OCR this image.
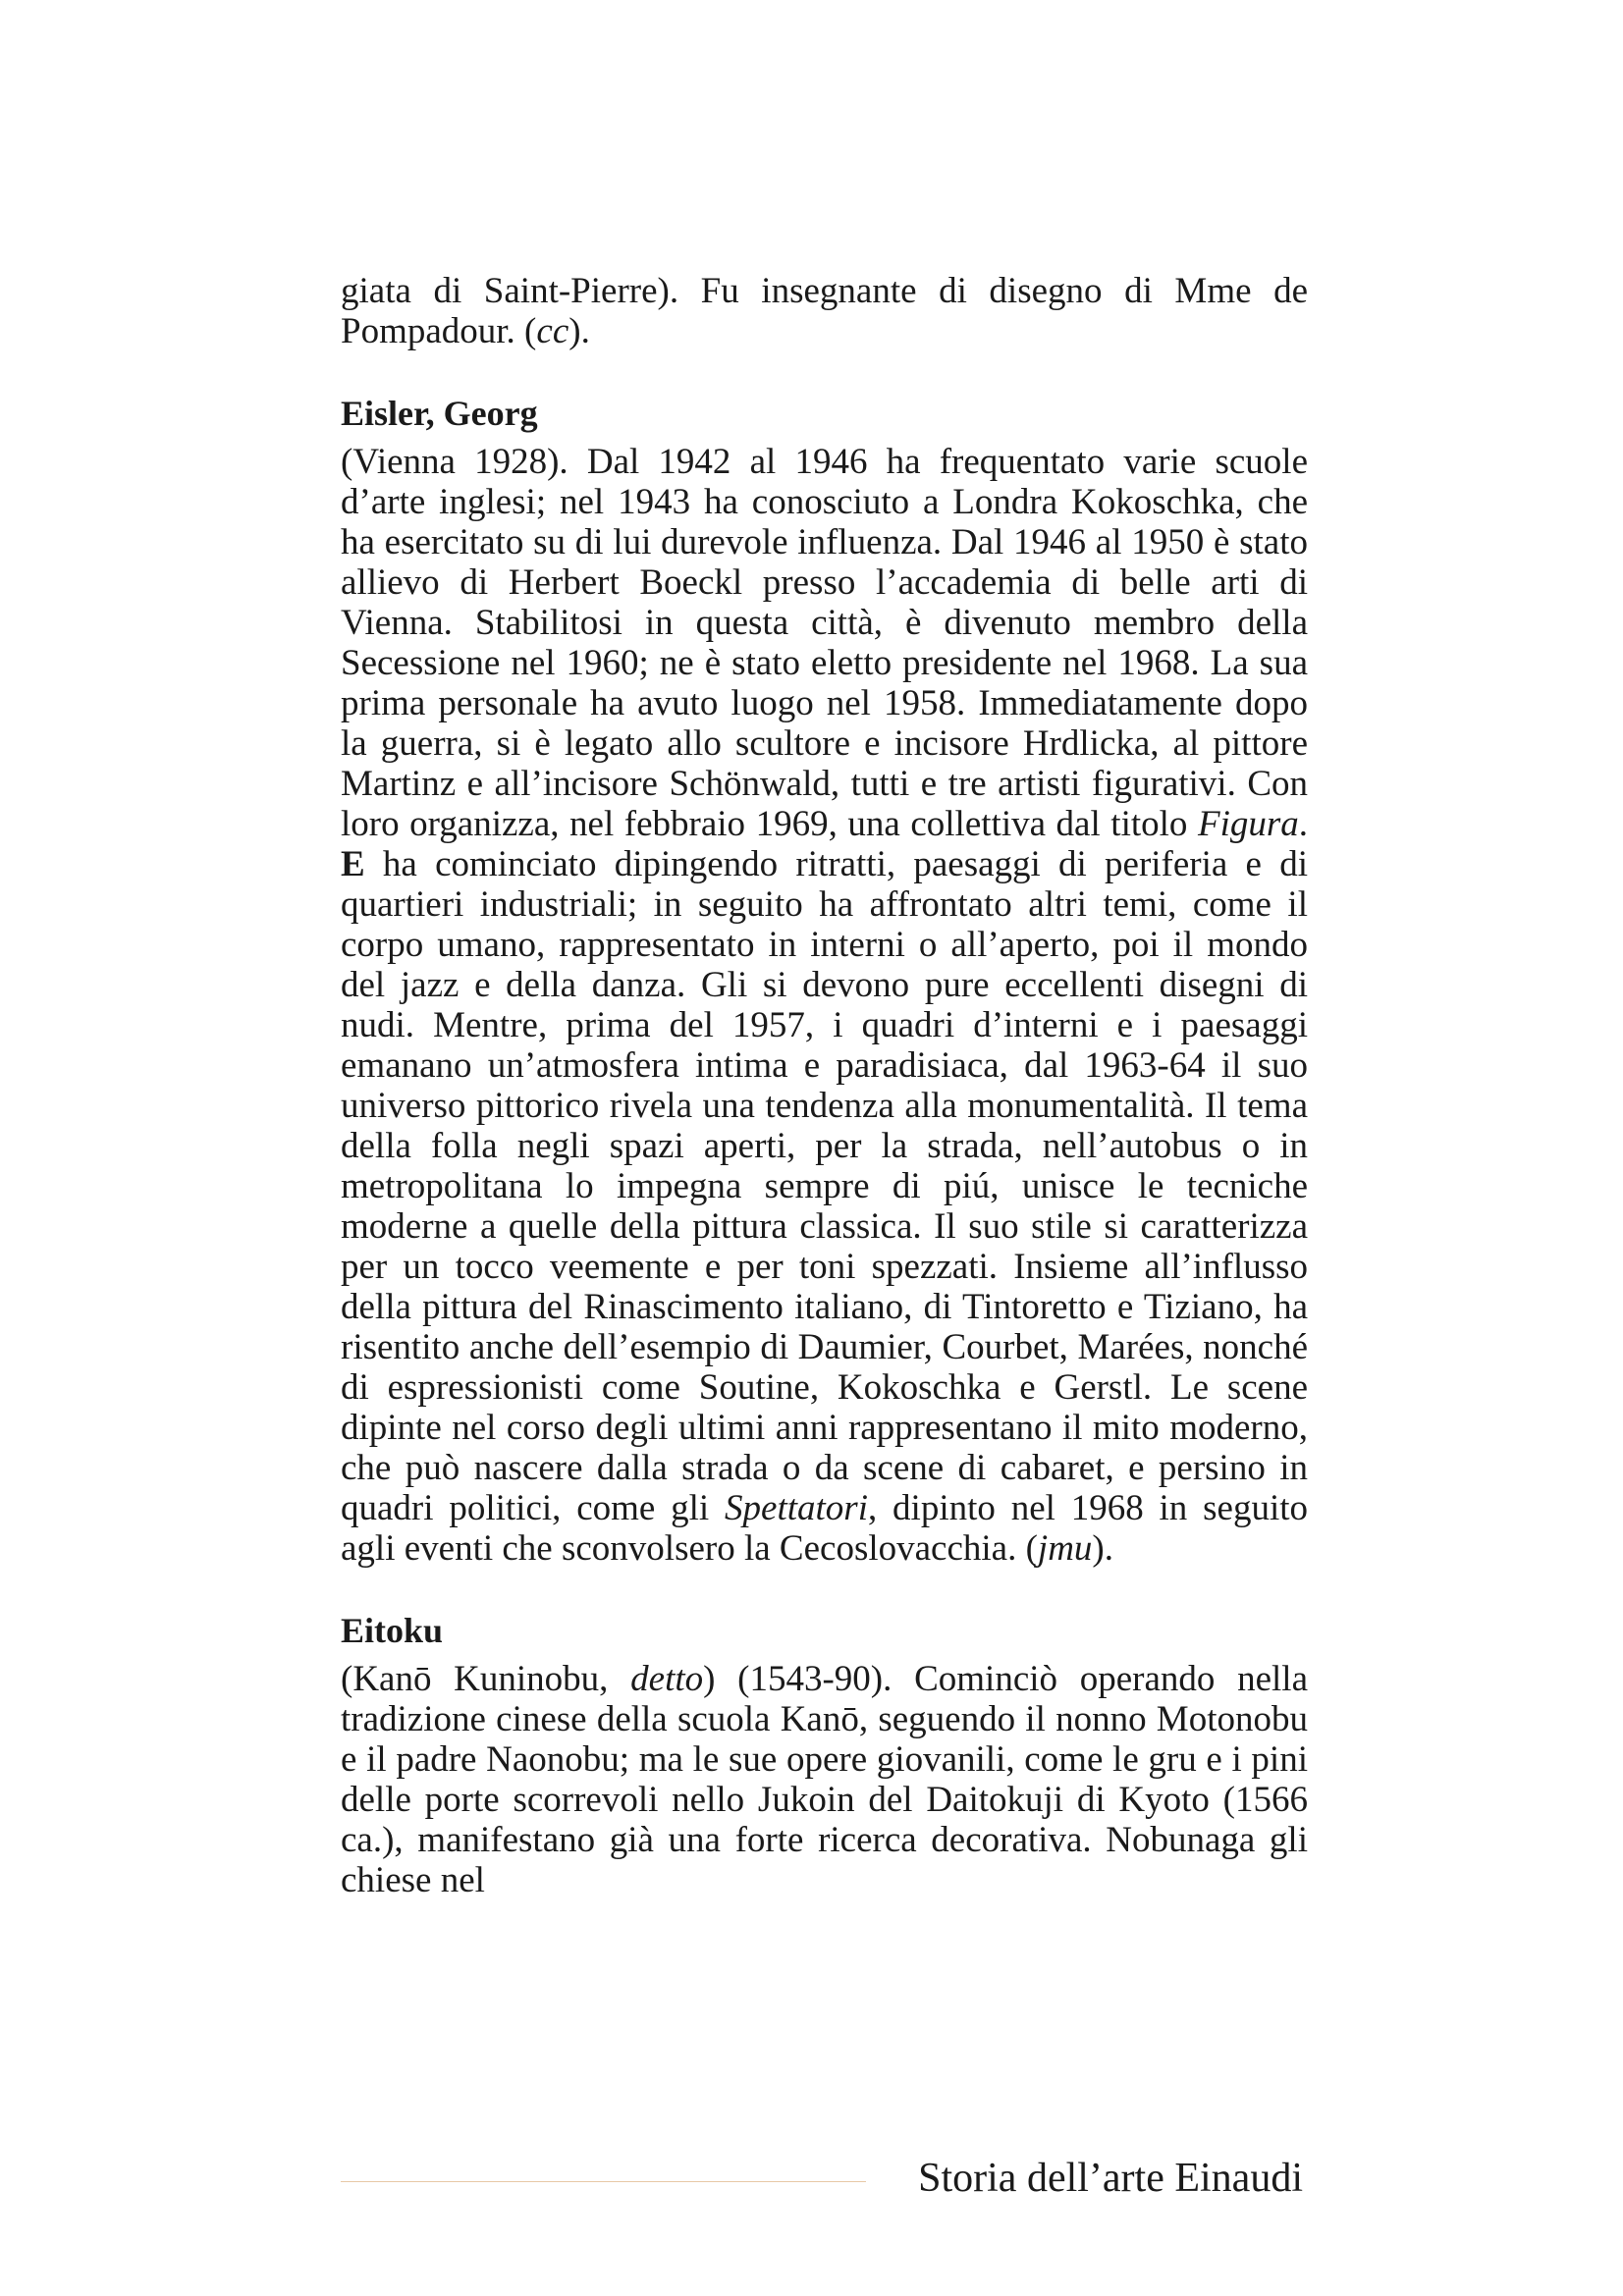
giata di Saint-Pierre). Fu insegnante di disegno di Mme de Pompadour. (cc).

Eisler, Georg

(Vienna 1928). Dal 1942 al 1946 ha frequentato varie scuole d’arte inglesi; nel 1943 ha conosciuto a Londra Kokoschka, che ha esercitato su di lui durevole influenza. Dal 1946 al 1950 è stato allievo di Herbert Boeckl presso l’accademia di belle arti di Vienna. Stabilitosi in questa città, è divenuto membro della Secessione nel 1960; ne è stato eletto presidente nel 1968. La sua prima personale ha avuto luogo nel 1958. Immediatamente dopo la guerra, si è legato allo scultore e incisore Hrdlicka, al pittore Martinz e all’incisore Schönwald, tutti e tre artisti figurativi. Con loro organizza, nel febbraio 1969, una collettiva dal titolo Figura. E ha cominciato dipingendo ritratti, paesaggi di periferia e di quartieri industriali; in seguito ha affrontato altri temi, come il corpo umano, rappresentato in interni o all’aperto, poi il mondo del jazz e della danza. Gli si devono pure eccellenti disegni di nudi. Mentre, prima del 1957, i quadri d’interni e i paesaggi emanano un’atmosfera intima e paradisiaca, dal 1963-64 il suo universo pittorico rivela una tendenza alla monumentalità. Il tema della folla negli spazi aperti, per la strada, nell’autobus o in metropolitana lo impegna sempre di piú, unisce le tecniche moderne a quelle della pittura classica. Il suo stile si caratterizza per un tocco veemente e per toni spezzati. Insieme all’influsso della pittura del Rinascimento italiano, di Tintoretto e Tiziano, ha risentito anche dell’esempio di Daumier, Courbet, Marées, nonché di espressionisti come Soutine, Kokoschka e Gerstl. Le scene dipinte nel corso degli ultimi anni rappresentano il mito moderno, che può nascere dalla strada o da scene di cabaret, e persino in quadri politici, come gli Spettatori, dipinto nel 1968 in seguito agli eventi che sconvolsero la Cecoslovacchia. (jmu).

Eitoku

(Kanō Kuninobu, detto) (1543-90). Cominciò operando nella tradizione cinese della scuola Kanō, seguendo il nonno Motonobu e il padre Naonobu; ma le sue opere giovanili, come le gru e i pini delle porte scorrevoli nello Jukoin del Daitokuji di Kyoto (1566 ca.), manifestano già una forte ricerca decorativa. Nobunaga gli chiese nel

Storia dell’arte Einaudi
